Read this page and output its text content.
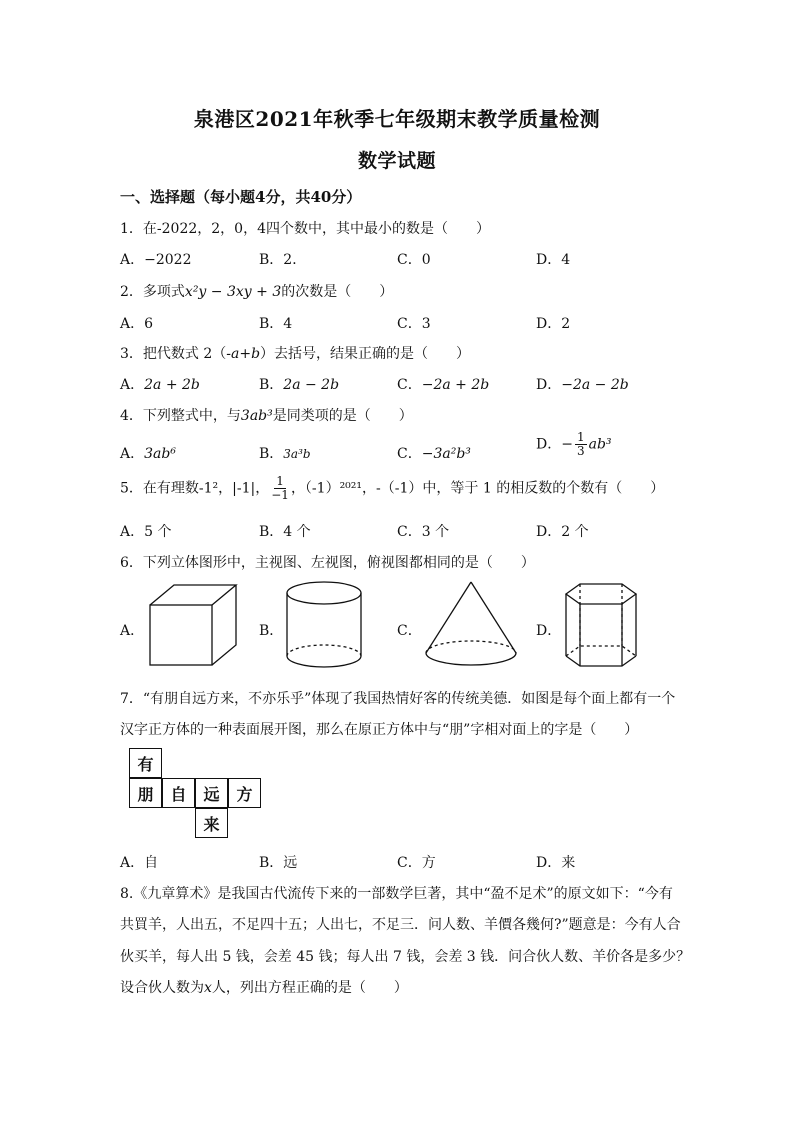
泉港区2021年秋季七年级期末教学质量检测
数学试题
一、选择题（每小题4分，共40分）
1．在-2022，2，0，4四个数中，其中最小的数是（　　）
A．−2022	B．2．	C．0	D．4
2．多项式x²y − 3xy + 3的次数是（　　）
A．6	B．4	C．3	D．2
3．把代数式 2（-a+b）去括号，结果正确的是（　　）
A．2a + 2b	B．2a − 2b	C．−2a + 2b	D．−2a − 2b
4．下列整式中，与3ab³是同类项的是（　　）
A．3ab⁶	B．3a³b	C．−3a²b³
D．− $\frac{1}{3} ab^3$
5．在有理数-1²，|-1|， $\frac{1}{-1}$ ，（-1）²⁰²¹，-（-1）中，等于 1 的相反数的个数有（　　）
A．5 个	B．4 个	C．3 个	D．2 个
6．下列立体图形中，主视图、左视图，俯视图都相同的是（　　）
A．	B．	C．	D．
7．“有朋自远方来，不亦乐乎”体现了我国热情好客的传统美德．如图是每个面上都有一个
汉字正方体的一种表面展开图，那么在原正方体中与“朋”字相对面上的字是（　　）
有
朋	自	远	方
来
A．自	B．远	C．方	D．来
8.《九章算术》是我国古代流传下来的一部数学巨著，其中“盈不足术”的原文如下：“今有
共買羊，人出五，不足四十五；人出七，不足三．问人数、羊價各幾何?”题意是：今有人合
伙买羊，每人出 5 钱，会差 45 钱；每人出 7 钱，会差 3 钱．问合伙人数、羊价各是多少？
设合伙人数为x人，列出方程正确的是（　　）
